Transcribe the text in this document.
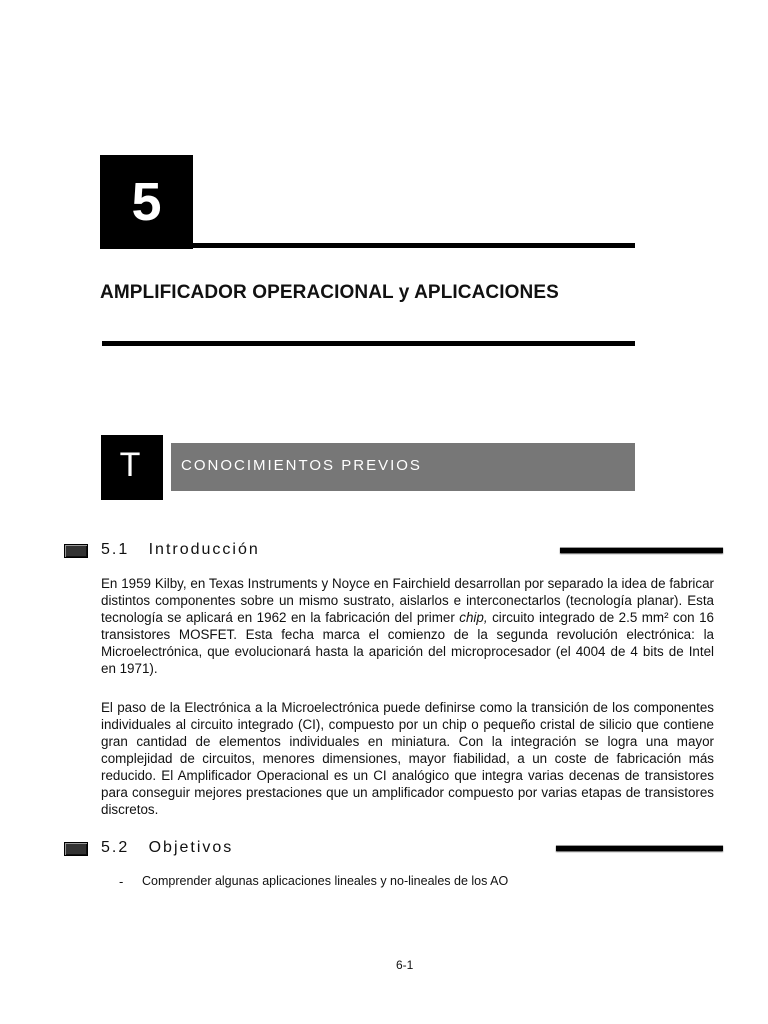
5
AMPLIFICADOR OPERACIONAL y APLICACIONES
T	CONOCIMIENTOS PREVIOS
5.1 Introducción

En 1959 Kilby, en Texas Instruments y Noyce en Fairchield desarrollan por separado la idea de fabricar distintos componentes sobre un mismo sustrato, aislarlos e interconectarlos (tecnología planar). Esta tecnología se aplicará en 1962 en la fabricación del primer chip, circuito integrado de 2.5 mm² con 16 transistores MOSFET. Esta fecha marca el comienzo de la segunda revolución electrónica: la Microelectrónica, que evolucionará hasta la aparición del microprocesador (el 4004 de 4 bits de Intel en 1971).

El paso de la Electrónica a la Microelectrónica puede definirse como la transición de los componentes individuales al circuito integrado (CI), compuesto por un chip o pequeño cristal de silicio que contiene gran cantidad de elementos individuales en miniatura. Con la integración se logra una mayor complejidad de circuitos, menores dimensiones, mayor fiabilidad, a un coste de fabricación más reducido. El Amplificador Operacional es un CI analógico que integra varias decenas de transistores para conseguir mejores prestaciones que un amplificador compuesto por varias etapas de transistores discretos.

5.2 Objetivos
- Comprender algunas aplicaciones lineales y no-lineales de los AO
6-1
